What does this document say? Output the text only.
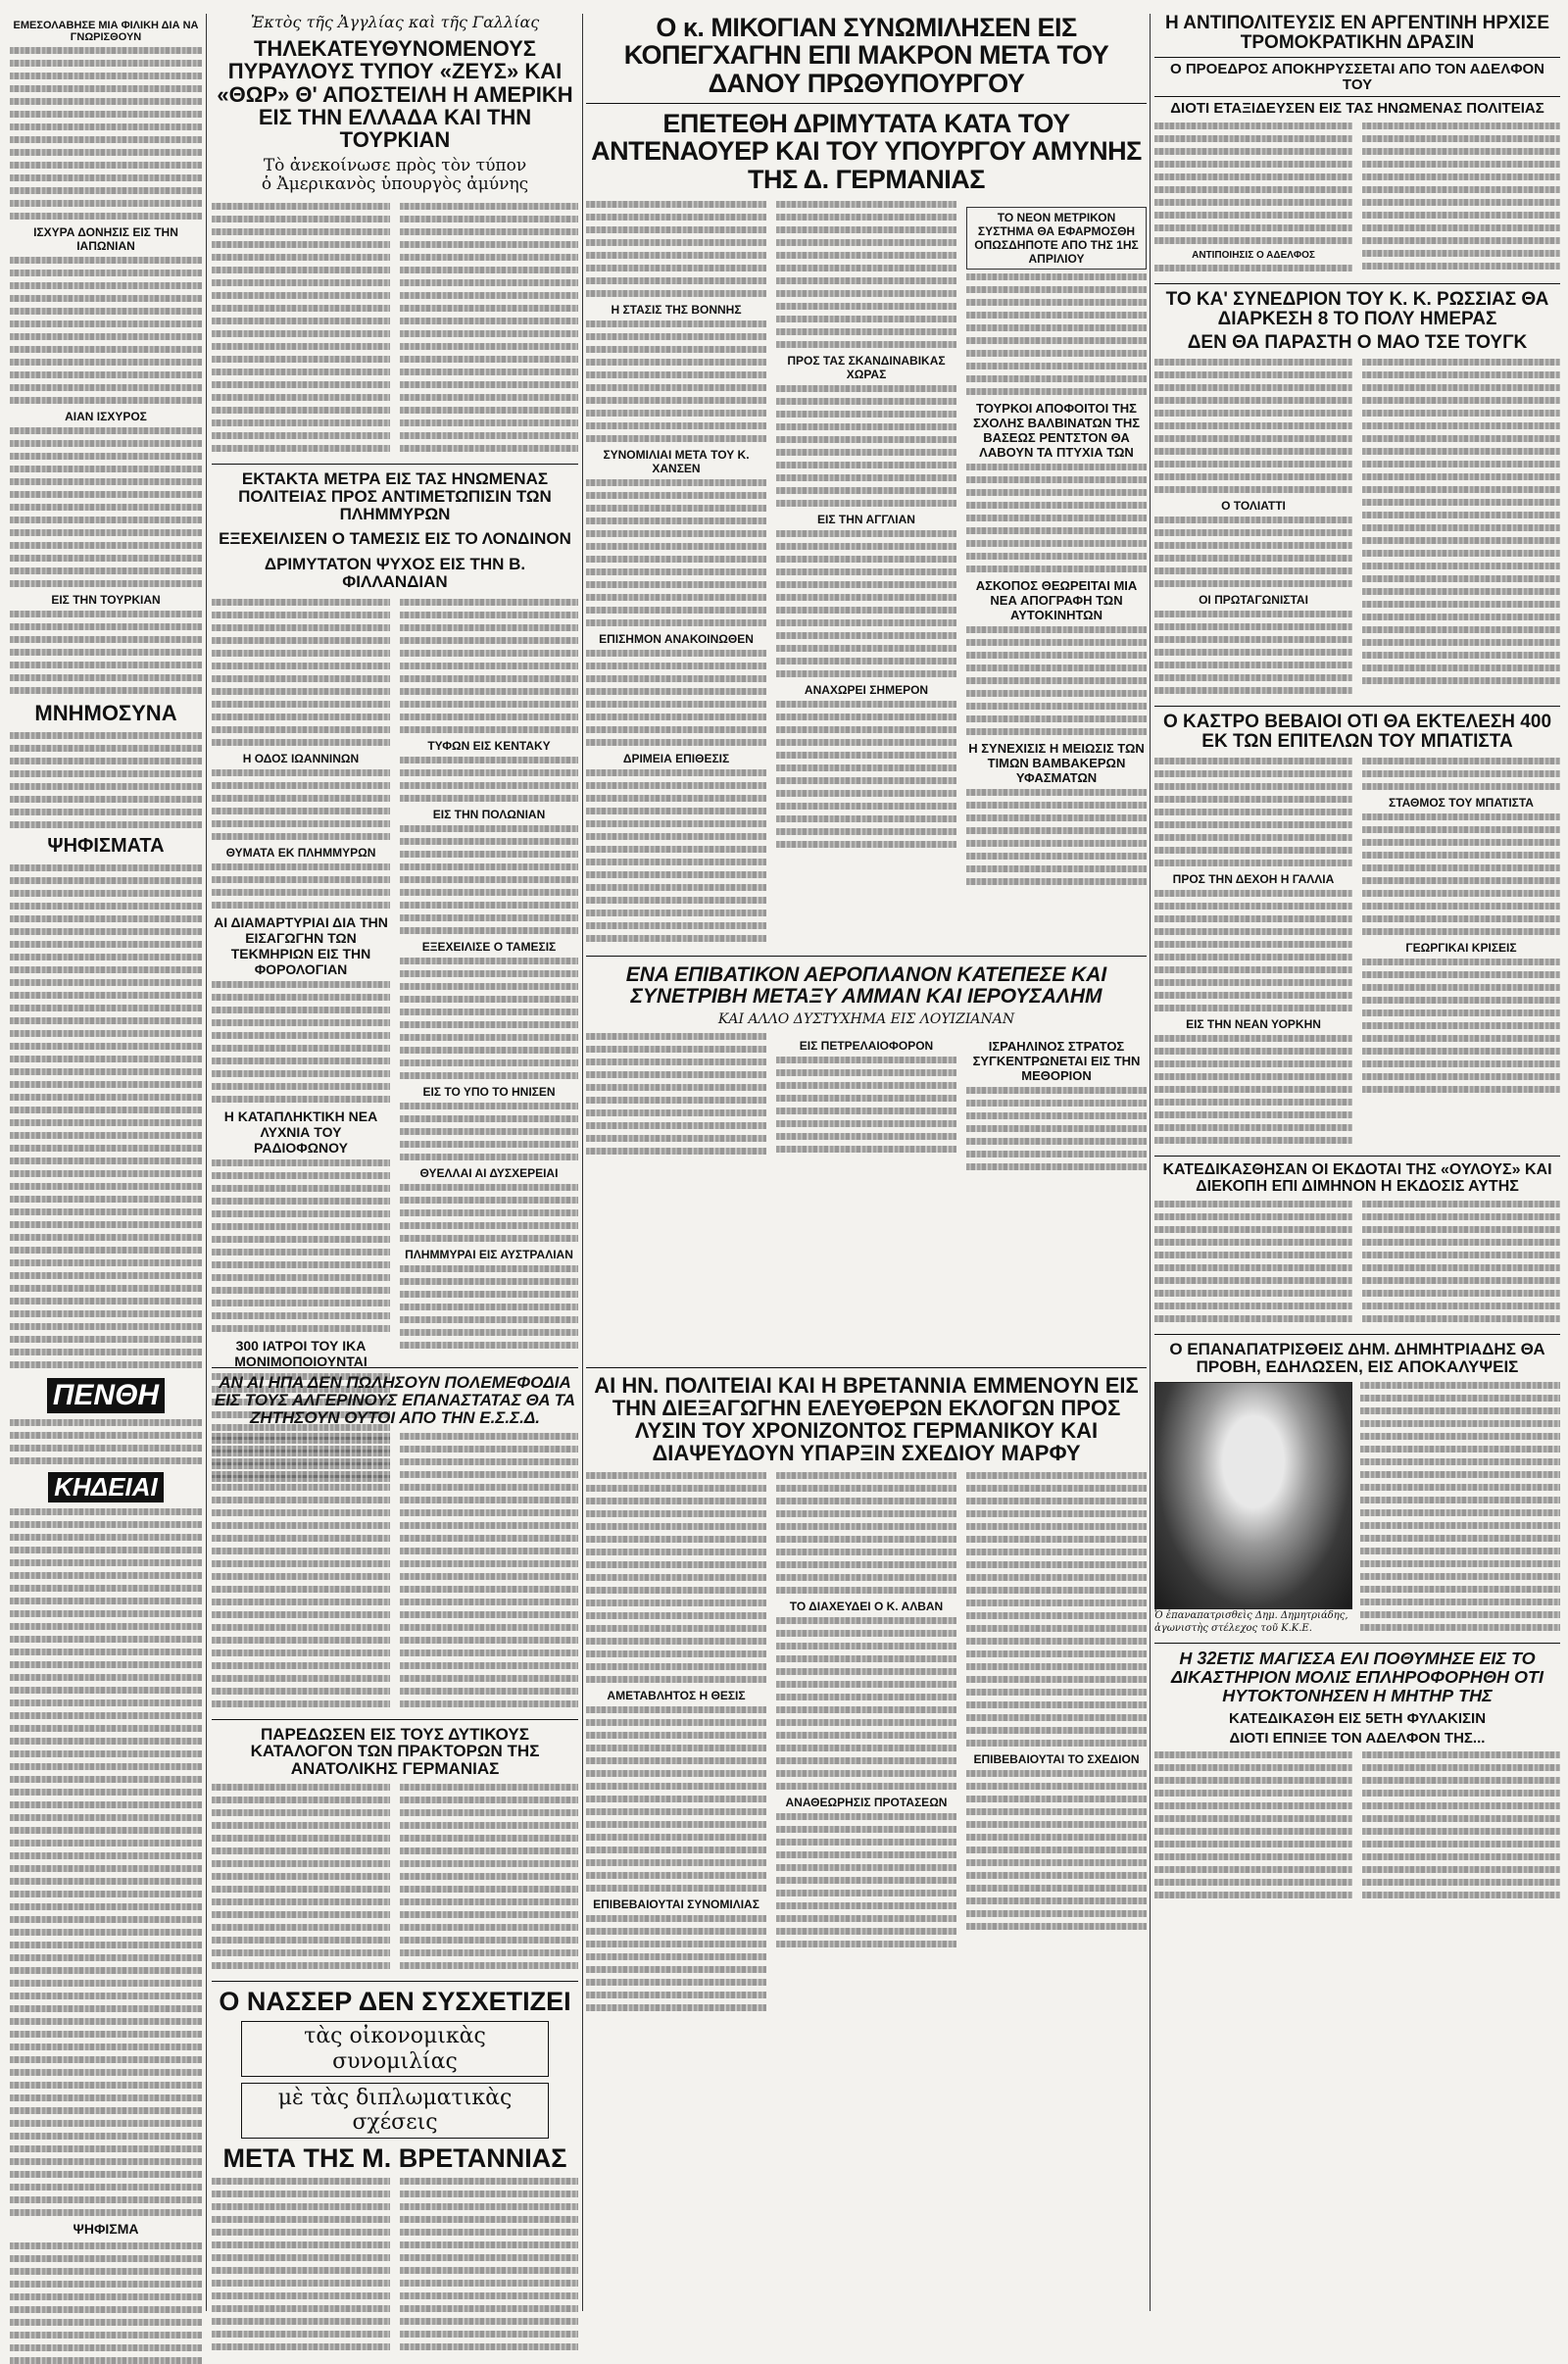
ΕΜΕΣΟΛΑΒΗΣΕ ΜΙΑ ΦΙΛΙΚΗ ΔΙΑ ΝΑ ΓΝΩΡΙΣΘΟΥΝ
ΙΣΧΥΡΑ ΔΟΝΗΣΙΣ ΕΙΣ ΤΗΝ ΙΑΠΩΝΙΑΝ
ΑΙΑΝ ΙΣΧΥΡΟΣ
ΕΙΣ ΤΗΝ ΤΟΥΡΚΙΑΝ
ΜΝΗΜΟΣΥΝΑ
ΨΗΦΙΣΜΑΤΑ
ΠΕΝΘΗ
ΚΗΔΕΙΑΙ
ΨΗΦΙΣΜΑ
Ἐκτὸς τῆς Ἀγγλίας καὶ τῆς Γαλλίας
ΤΗΛΕΚΑΤΕΥΘΥΝΟΜΕΝΟΥΣ ΠΥΡΑΥΛΟΥΣ ΤΥΠΟΥ «ΖΕΥΣ» ΚΑΙ «ΘΩΡ» Θ' ΑΠΟΣΤΕΙΛΗ Η ΑΜΕΡΙΚΗ ΕΙΣ ΤΗΝ ΕΛΛΑΔΑ ΚΑΙ ΤΗΝ ΤΟΥΡΚΙΑΝ
Τὸ ἀνεκοίνωσε πρὸς τὸν τύπον
ὁ Ἀμερικανὸς ὑπουργὸς ἀμύνης
ΕΚΤΑΚΤΑ ΜΕΤΡΑ ΕΙΣ ΤΑΣ ΗΝΩΜΕΝΑΣ ΠΟΛΙΤΕΙΑΣ ΠΡΟΣ ΑΝΤΙΜΕΤΩΠΙΣΙΝ ΤΩΝ ΠΛΗΜΜΥΡΩΝ
ΕΞΕΧΕΙΛΙΣΕΝ Ο ΤΑΜΕΣΙΣ ΕΙΣ ΤΟ ΛΟΝΔΙΝΟΝ
ΔΡΙΜΥΤΑΤΟΝ ΨΥΧΟΣ ΕΙΣ ΤΗΝ Β. ΦΙΛΛΑΝΔΙΑΝ
Η ΟΔΟΣ ΙΩΑΝΝΙΝΩΝ
ΘΥΜΑΤΑ ΕΚ ΠΛΗΜΜΥΡΩΝ
ΑΙ ΔΙΑΜΑΡΤΥΡΙΑΙ ΔΙΑ ΤΗΝ ΕΙΣΑΓΩΓΗΝ ΤΩΝ ΤΕΚΜΗΡΙΩΝ ΕΙΣ ΤΗΝ ΦΟΡΟΛΟΓΙΑΝ
Η ΚΑΤΑΠΛΗΚΤΙΚΗ ΝΕΑ ΛΥΧΝΙΑ ΤΟΥ ΡΑΔΙΟΦΩΝΟΥ
300 ΙΑΤΡΟΙ ΤΟΥ ΙΚΑ ΜΟΝΙΜΟΠΟΙΟΥΝΤΑΙ
ΤΥΦΩΝ ΕΙΣ ΚΕΝΤΑΚΥ
ΕΙΣ ΤΗΝ ΠΟΛΩΝΙΑΝ
ΕΞΕΧΕΙΛΙΣΕ Ο ΤΑΜΕΣΙΣ
ΕΙΣ ΤΟ ΥΠΟ ΤΟ ΗΝΙΣΕΝ
ΘΥΕΛΛΑΙ ΑΙ ΔΥΣΧΕΡΕΙΑΙ
ΠΛΗΜΜΥΡΑΙ ΕΙΣ ΑΥΣΤΡΑΛΙΑΝ
Ο κ. ΜΙΚΟΓΙΑΝ ΣΥΝΩΜΙΛΗΣΕΝ ΕΙΣ ΚΟΠΕΓΧΑΓΗΝ ΕΠΙ ΜΑΚΡΟΝ ΜΕΤΑ ΤΟΥ ΔΑΝΟΥ ΠΡΩΘΥΠΟΥΡΓΟΥ
ΕΠΕΤΕΘΗ ΔΡΙΜΥΤΑΤΑ ΚΑΤΑ ΤΟΥ ΑΝΤΕΝΑΟΥΕΡ ΚΑΙ ΤΟΥ ΥΠΟΥΡΓΟΥ ΑΜΥΝΗΣ ΤΗΣ Δ. ΓΕΡΜΑΝΙΑΣ
Η ΣΤΑΣΙΣ ΤΗΣ ΒΟΝΝΗΣ
ΣΥΝΟΜΙΛΙΑΙ ΜΕΤΑ ΤΟΥ Κ. ΧΑΝΣΕΝ
ΕΠΙΣΗΜΟΝ ΑΝΑΚΟΙΝΩΘΕΝ
ΔΡΙΜΕΙΑ ΕΠΙΘΕΣΙΣ
ΠΡΟΣ ΤΑΣ ΣΚΑΝΔΙΝΑΒΙΚΑΣ ΧΩΡΑΣ
ΕΙΣ ΤΗΝ ΑΓΓΛΙΑΝ
ΑΝΑΧΩΡΕΙ ΣΗΜΕΡΟΝ
ΤΟ ΝΕΟΝ ΜΕΤΡΙΚΟΝ ΣΥΣΤΗΜΑ ΘΑ ΕΦΑΡΜΟΣΘΗ ΟΠΩΣΔΗΠΟΤΕ ΑΠΟ ΤΗΣ 1ΗΣ ΑΠΡΙΛΙΟΥ
ΤΟΥΡΚΟΙ ΑΠΟΦΟΙΤΟΙ ΤΗΣ ΣΧΟΛΗΣ ΒΑΛΒΙΝΑΤΩΝ ΤΗΣ ΒΑΣΕΩΣ ΡΕΝΤΣΤΟΝ ΘΑ ΛΑΒΟΥΝ ΤΑ ΠΤΥΧΙΑ ΤΩΝ
ΑΣΚΟΠΟΣ ΘΕΩΡΕΙΤΑΙ ΜΙΑ ΝΕΑ ΑΠΟΓΡΑΦΗ ΤΩΝ ΑΥΤΟΚΙΝΗΤΩΝ
Η ΣΥΝΕΧΙΣΙΣ Η ΜΕΙΩΣΙΣ ΤΩΝ ΤΙΜΩΝ ΒΑΜΒΑΚΕΡΩΝ ΥΦΑΣΜΑΤΩΝ
ΕΝΑ ΕΠΙΒΑΤΙΚΟΝ ΑΕΡΟΠΛΑΝΟΝ ΚΑΤΕΠΕΣΕ ΚΑΙ ΣΥΝΕΤΡΙΒΗ ΜΕΤΑΞΥ ΑΜΜΑΝ ΚΑΙ ΙΕΡΟΥΣΑΛΗΜ
ΚΑΙ ΑΛΛΟ ΔΥΣΤΥΧΗΜΑ ΕΙΣ ΛΟΥΙΖΙΑΝΑΝ
ΕΙΣ ΠΕΤΡΕΛΑΙΟΦΟΡΟΝ	ΙΣΡΑΗΛΙΝΟΣ ΣΤΡΑΤΟΣ ΣΥΓΚΕΝΤΡΩΝΕΤΑΙ ΕΙΣ ΤΗΝ ΜΕΘΟΡΙΟΝ
ΑΝ ΑΙ ΗΠΑ ΔΕΝ ΠΩΛΗΣΟΥΝ ΠΟΛΕΜΕΦΟΔΙΑ ΕΙΣ ΤΟΥΣ ΑΛΓΕΡΙΝΟΥΣ ΕΠΑΝΑΣΤΑΤΑΣ ΘΑ ΤΑ ΖΗΤΗΣΟΥΝ ΟΥΤΟΙ ΑΠΟ ΤΗΝ Ε.Σ.Σ.Δ.
ΠΑΡΕΔΩΣΕΝ ΕΙΣ ΤΟΥΣ ΔΥΤΙΚΟΥΣ ΚΑΤΑΛΟΓΟΝ ΤΩΝ ΠΡΑΚΤΟΡΩΝ ΤΗΣ ΑΝΑΤΟΛΙΚΗΣ ΓΕΡΜΑΝΙΑΣ
Ο ΝΑΣΣΕΡ ΔΕΝ ΣΥΣΧΕΤΙΖΕΙ
τὰς οἰκονομικὰς συνομιλίας
μὲ τὰς διπλωματικὰς σχέσεις
ΜΕΤΑ ΤΗΣ Μ. ΒΡΕΤΑΝΝΙΑΣ
ΑΙ ΗΝ. ΠΟΛΙΤΕΙΑΙ ΚΑΙ Η ΒΡΕΤΑΝΝΙΑ ΕΜΜΕΝΟΥΝ ΕΙΣ ΤΗΝ ΔΙΕΞΑΓΩΓΗΝ ΕΛΕΥΘΕΡΩΝ ΕΚΛΟΓΩΝ ΠΡΟΣ ΛΥΣΙΝ ΤΟΥ ΧΡΟΝΙΖΟΝΤΟΣ ΓΕΡΜΑΝΙΚΟΥ ΚΑΙ ΔΙΑΨΕΥΔΟΥΝ ΥΠΑΡΞΙΝ ΣΧΕΔΙΟΥ ΜΑΡΦΥ
ΑΜΕΤΑΒΛΗΤΟΣ Η ΘΕΣΙΣ
ΕΠΙΒΕΒΑΙΟΥΤΑΙ ΣΥΝΟΜΙΛΙΑΣ
ΤΟ ΔΙΑΧΕΥΔΕΙ Ο Κ. ΑΛΒΑΝ
ΑΝΑΘΕΩΡΗΣΙΣ ΠΡΟΤΑΣΕΩΝ
ΕΠΙΒΕΒΑΙΟΥΤΑΙ ΤΟ ΣΧΕΔΙΟΝ
Η ΑΝΤΙΠΟΛΙΤΕΥΣΙΣ ΕΝ ΑΡΓΕΝΤΙΝΗ ΗΡΧΙΣΕ ΤΡΟΜΟΚΡΑΤΙΚΗΝ ΔΡΑΣΙΝ
Ο ΠΡΟΕΔΡΟΣ ΑΠΟΚΗΡΥΣΣΕΤΑΙ ΑΠΟ ΤΟΝ ΑΔΕΛΦΟΝ ΤΟΥ
ΔΙΟΤΙ ΕΤΑΞΙΔΕΥΣΕΝ ΕΙΣ ΤΑΣ ΗΝΩΜΕΝΑΣ ΠΟΛΙΤΕΙΑΣ
ΑΝΤΙΠΟΙΗΣΙΣ Ο ΑΔΕΛΦΟΣ
ΤΟ ΚΑ' ΣΥΝΕΔΡΙΟΝ ΤΟΥ Κ. Κ. ΡΩΣΣΙΑΣ ΘΑ ΔΙΑΡΚΕΣΗ 8 ΤΟ ΠΟΛΥ ΗΜΕΡΑΣ
ΔΕΝ ΘΑ ΠΑΡΑΣΤΗ Ο ΜΑΟ ΤΣΕ ΤΟΥΓΚ
Ο ΤΟΛΙΑΤΤΙ
ΟΙ ΠΡΩΤΑΓΩΝΙΣΤΑΙ
Ο ΚΑΣΤΡΟ ΒΕΒΑΙΟΙ ΟΤΙ ΘΑ ΕΚΤΕΛΕΣΗ 400 ΕΚ ΤΩΝ ΕΠΙΤΕΛΩΝ ΤΟΥ ΜΠΑΤΙΣΤΑ
ΠΡΟΣ ΤΗΝ ΔΕΧΟΗ Η ΓΑΛΛΙΑ
ΕΙΣ ΤΗΝ ΝΕΑΝ ΥΟΡΚΗΝ
ΣΤΑΘΜΟΣ ΤΟΥ ΜΠΑΤΙΣΤΑ
ΓΕΩΡΓΙΚΑΙ ΚΡΙΣΕΙΣ
ΚΑΤΕΔΙΚΑΣΘΗΣΑΝ ΟΙ ΕΚΔΟΤΑΙ ΤΗΣ «ΟΥΛΟΥΣ» ΚΑΙ ΔΙΕΚΟΠΗ ΕΠΙ ΔΙΜΗΝΟΝ Η ΕΚΔΟΣΙΣ ΑΥΤΗΣ
Ο ΕΠΑΝΑΠΑΤΡΙΣΘΕΙΣ ΔΗΜ. ΔΗΜΗΤΡΙΑΔΗΣ ΘΑ ΠΡΟΒΗ, ΕΔΗΛΩΣΕΝ, ΕΙΣ ΑΠΟΚΑΛΥΨΕΙΣ
Ὁ ἐπαναπατρισθεὶς Δημ. Δημητριάδης, ἀγωνιστὴς στέλεχος τοῦ Κ.Κ.Ε.
Η 32ΕΤΙΣ ΜΑΓΙΣΣΑ ΕΛΙ ΠΟΘΥΜΗΣΕ ΕΙΣ ΤΟ ΔΙΚΑΣΤΗΡΙΟΝ ΜΟΛΙΣ ΕΠΛΗΡΟΦΟΡΗΘΗ ΟΤΙ ΗΥΤΟΚΤΟΝΗΣΕΝ Η ΜΗΤΗΡ ΤΗΣ
ΚΑΤΕΔΙΚΑΣΘΗ ΕΙΣ 5ΕΤΗ ΦΥΛΑΚΙΣΙΝ
ΔΙΟΤΙ ΕΠΝΙΞΕ ΤΟΝ ΑΔΕΛΦΟΝ ΤΗΣ...
